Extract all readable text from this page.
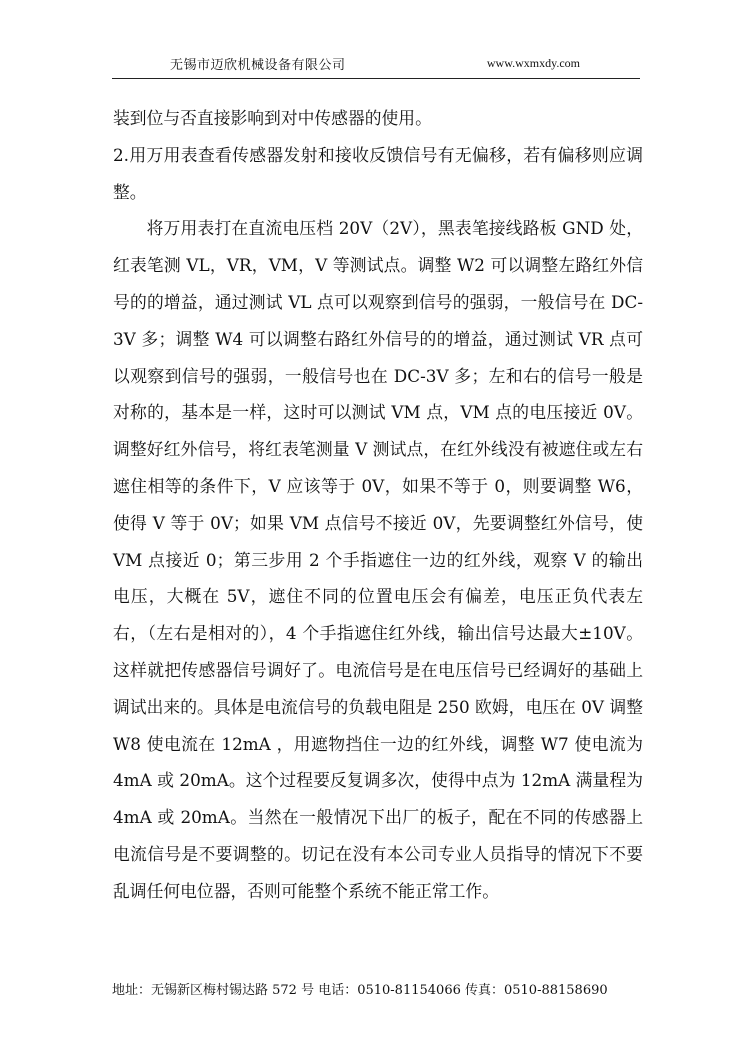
无锡市迈欣机械设备有限公司	www.wxmxdy.com

装到位与否直接影响到对中传感器的使用。

2.用万用表查看传感器发射和接收反馈信号有无偏移，若有偏移则应调整。

将万用表打在直流电压档 20V（2V），黑表笔接线路板 GND 处，红表笔测 VL，VR，VM，V 等测试点。调整 W2 可以调整左路红外信号的的增益，通过测试 VL 点可以观察到信号的强弱，一般信号在 DC-3V 多；调整 W4 可以调整右路红外信号的的增益，通过测试 VR 点可以观察到信号的强弱，一般信号也在 DC-3V 多；左和右的信号一般是对称的，基本是一样，这时可以测试 VM 点，VM 点的电压接近 0V。调整好红外信号，将红表笔测量 V 测试点，在红外线没有被遮住或左右遮住相等的条件下，V 应该等于 0V，如果不等于 0，则要调整 W6，使得 V 等于 0V；如果 VM 点信号不接近 0V，先要调整红外信号，使 VM 点接近 0；第三步用 2 个手指遮住一边的红外线，观察 V 的输出电压，大概在 5V，遮住不同的位置电压会有偏差，电压正负代表左右，（左右是相对的），4 个手指遮住红外线，输出信号达最大±10V。这样就把传感器信号调好了。电流信号是在电压信号已经调好的基础上调试出来的。具体是电流信号的负载电阻是 250 欧姆，电压在 0V 调整 W8 使电流在 12mA ，用遮物挡住一边的红外线，调整 W7 使电流为 4mA 或 20mA。这个过程要反复调多次，使得中点为 12mA 满量程为 4mA 或 20mA。当然在一般情况下出厂的板子，配在不同的传感器上电流信号是不要调整的。切记在没有本公司专业人员指导的情况下不要乱调任何电位器，否则可能整个系统不能正常工作。

地址：无锡新区梅村锡达路 572 号 电话：0510-81154066 传真：0510-88158690
